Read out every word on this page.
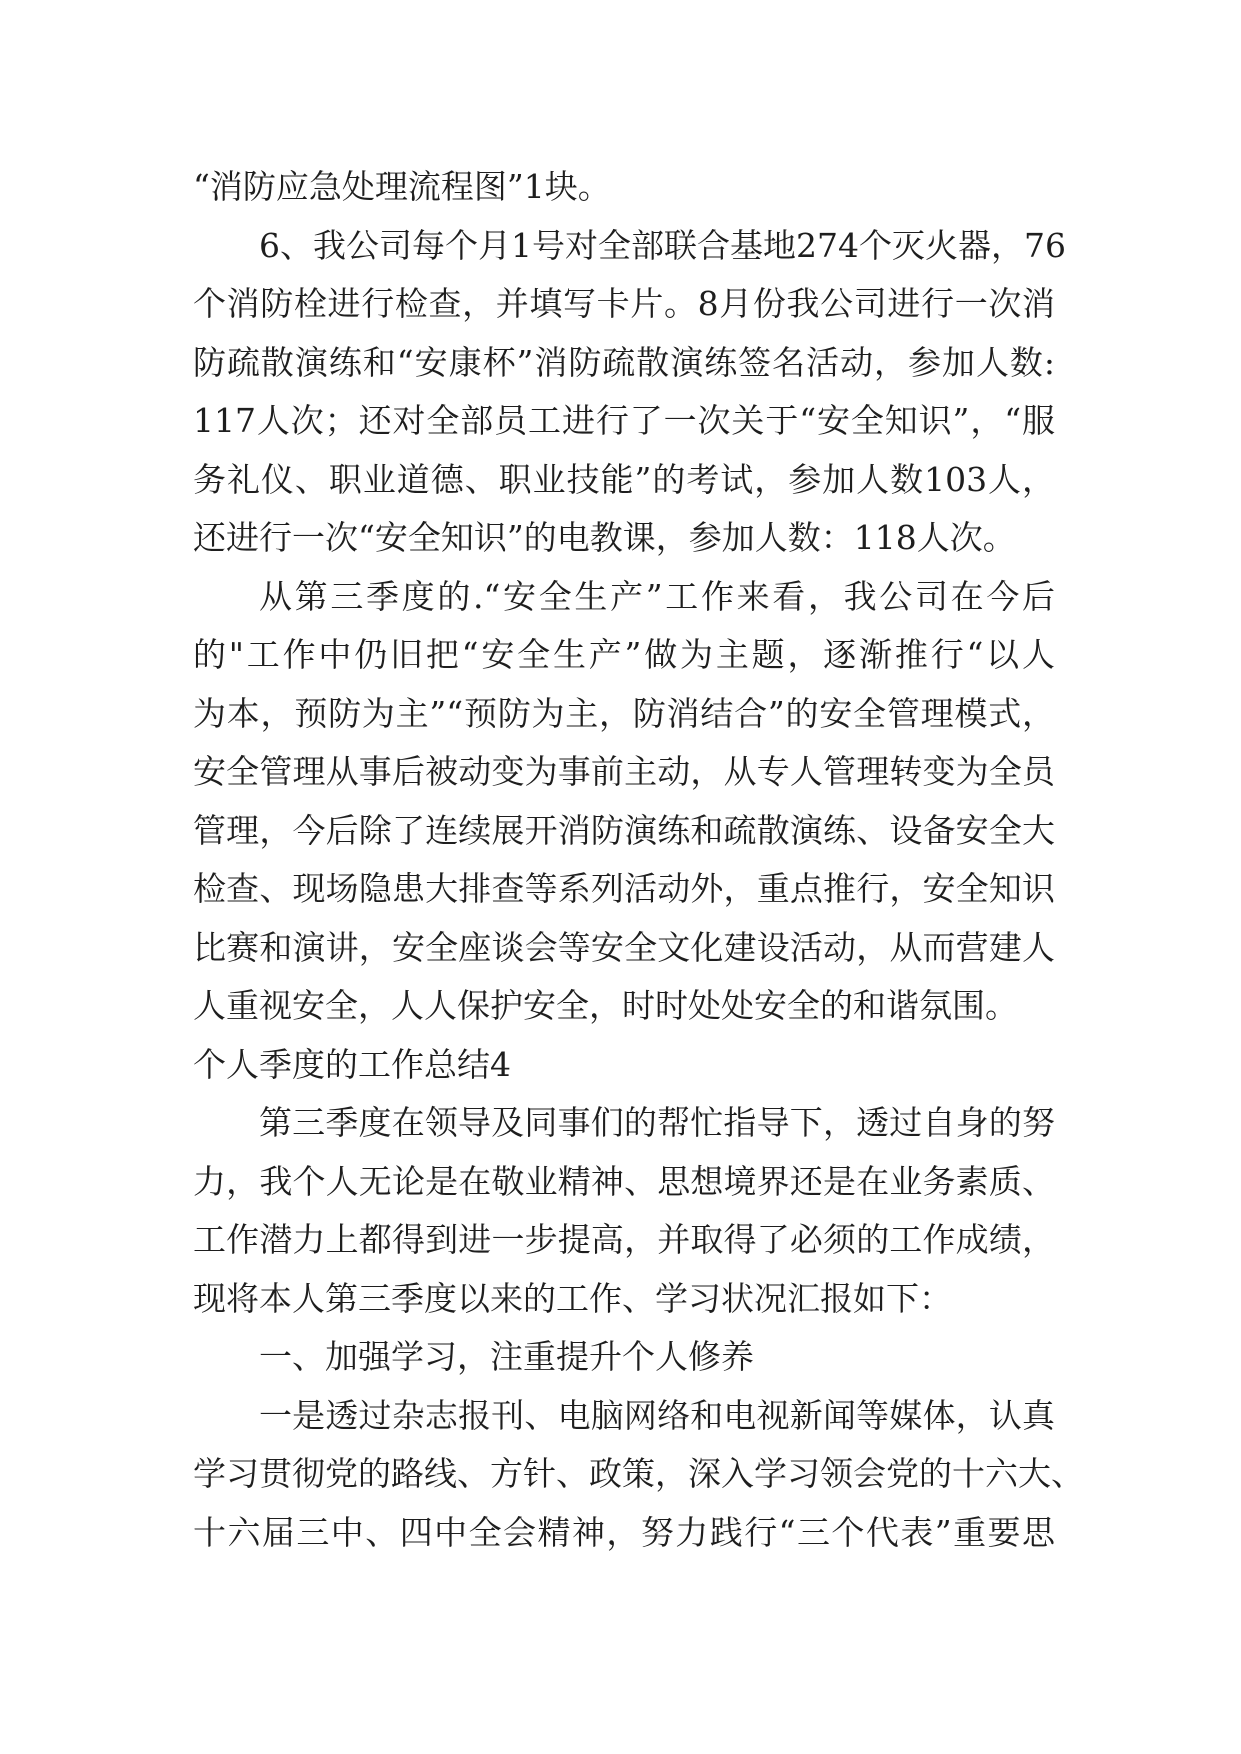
“消防应急处理流程图”1块。
6、我公司每个月1号对全部联合基地274个灭火器，76
个消防栓进行检查，并填写卡片。8月份我公司进行一次消
防疏散演练和“安康杯”消防疏散演练签名活动，参加人数:
117人次；还对全部员工进行了一次关于“安全知识”，“服
务礼仪、职业道德、职业技能”的考试，参加人数103人，
还进行一次“安全知识”的电教课，参加人数：118人次。
从第三季度的.“安全生产”工作来看，我公司在今后
的"工作中仍旧把“安全生产”做为主题，逐渐推行“以人
为本，预防为主”“预防为主，防消结合”的安全管理模式，
安全管理从事后被动变为事前主动，从专人管理转变为全员
管理，今后除了连续展开消防演练和疏散演练、设备安全大
检查、现场隐患大排查等系列活动外，重点推行，安全知识
比赛和演讲，安全座谈会等安全文化建设活动，从而营建人
人重视安全，人人保护安全，时时处处安全的和谐氛围。
个人季度的工作总结4
第三季度在领导及同事们的帮忙指导下，透过自身的努
力，我个人无论是在敬业精神、思想境界还是在业务素质、
工作潜力上都得到进一步提高，并取得了必须的工作成绩，
现将本人第三季度以来的工作、学习状况汇报如下：
一、加强学习，注重提升个人修养
一是透过杂志报刊、电脑网络和电视新闻等媒体，认真
学习贯彻党的路线、方针、政策，深入学习领会党的十六大、
十六届三中、四中全会精神，努力践行“三个代表”重要思
